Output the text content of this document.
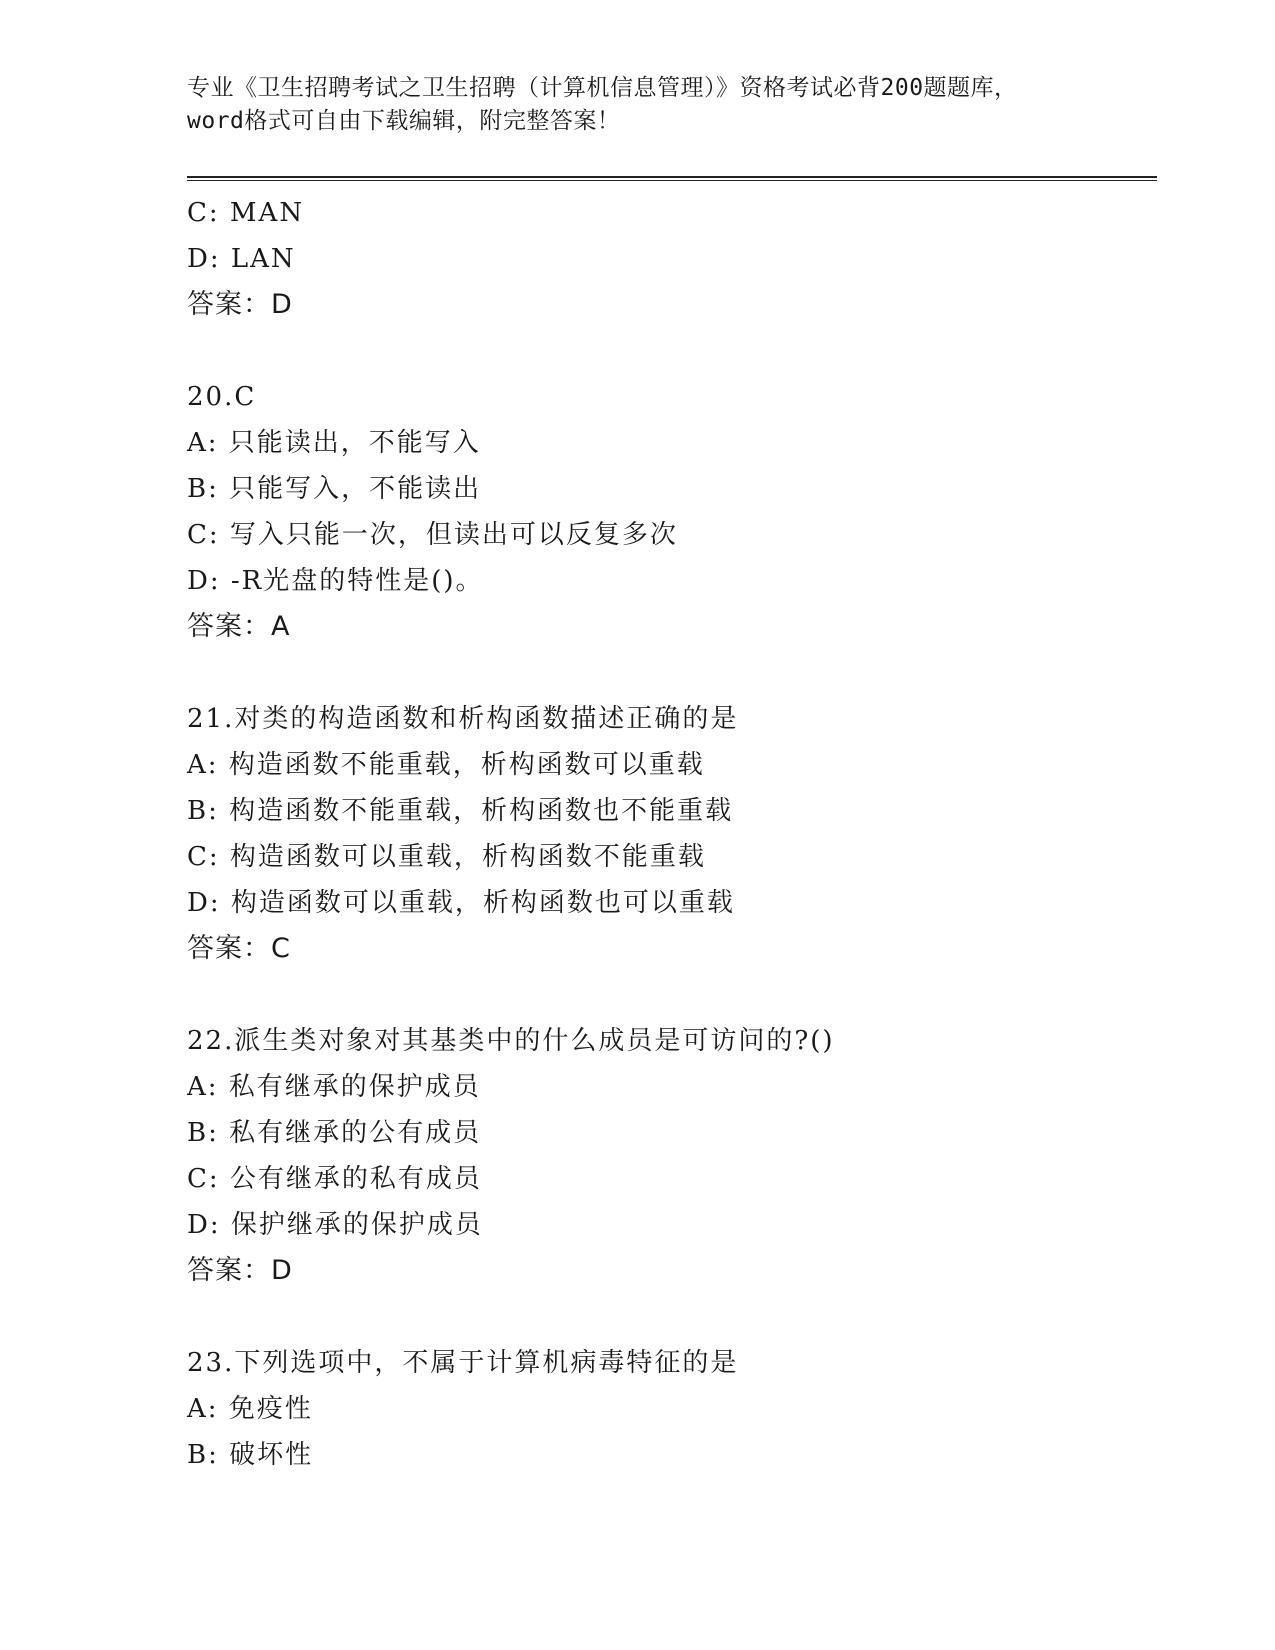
专业《卫生招聘考试之卫生招聘（计算机信息管理）》资格考试必背200题题库，
word格式可自由下载编辑，附完整答案！
C: MAN
D: LAN
答案：D
20.C
A: 只能读出，不能写入
B: 只能写入，不能读出
C: 写入只能一次，但读出可以反复多次
D: -R光盘的特性是()。
答案：A
21.对类的构造函数和析构函数描述正确的是
A: 构造函数不能重载，析构函数可以重载
B: 构造函数不能重载，析构函数也不能重载
C: 构造函数可以重载，析构函数不能重载
D: 构造函数可以重载，析构函数也可以重载
答案：C
22.派生类对象对其基类中的什么成员是可访问的?()
A: 私有继承的保护成员
B: 私有继承的公有成员
C: 公有继承的私有成员
D: 保护继承的保护成员
答案：D
23.下列选项中，不属于计算机病毒特征的是
A: 免疫性
B: 破坏性
